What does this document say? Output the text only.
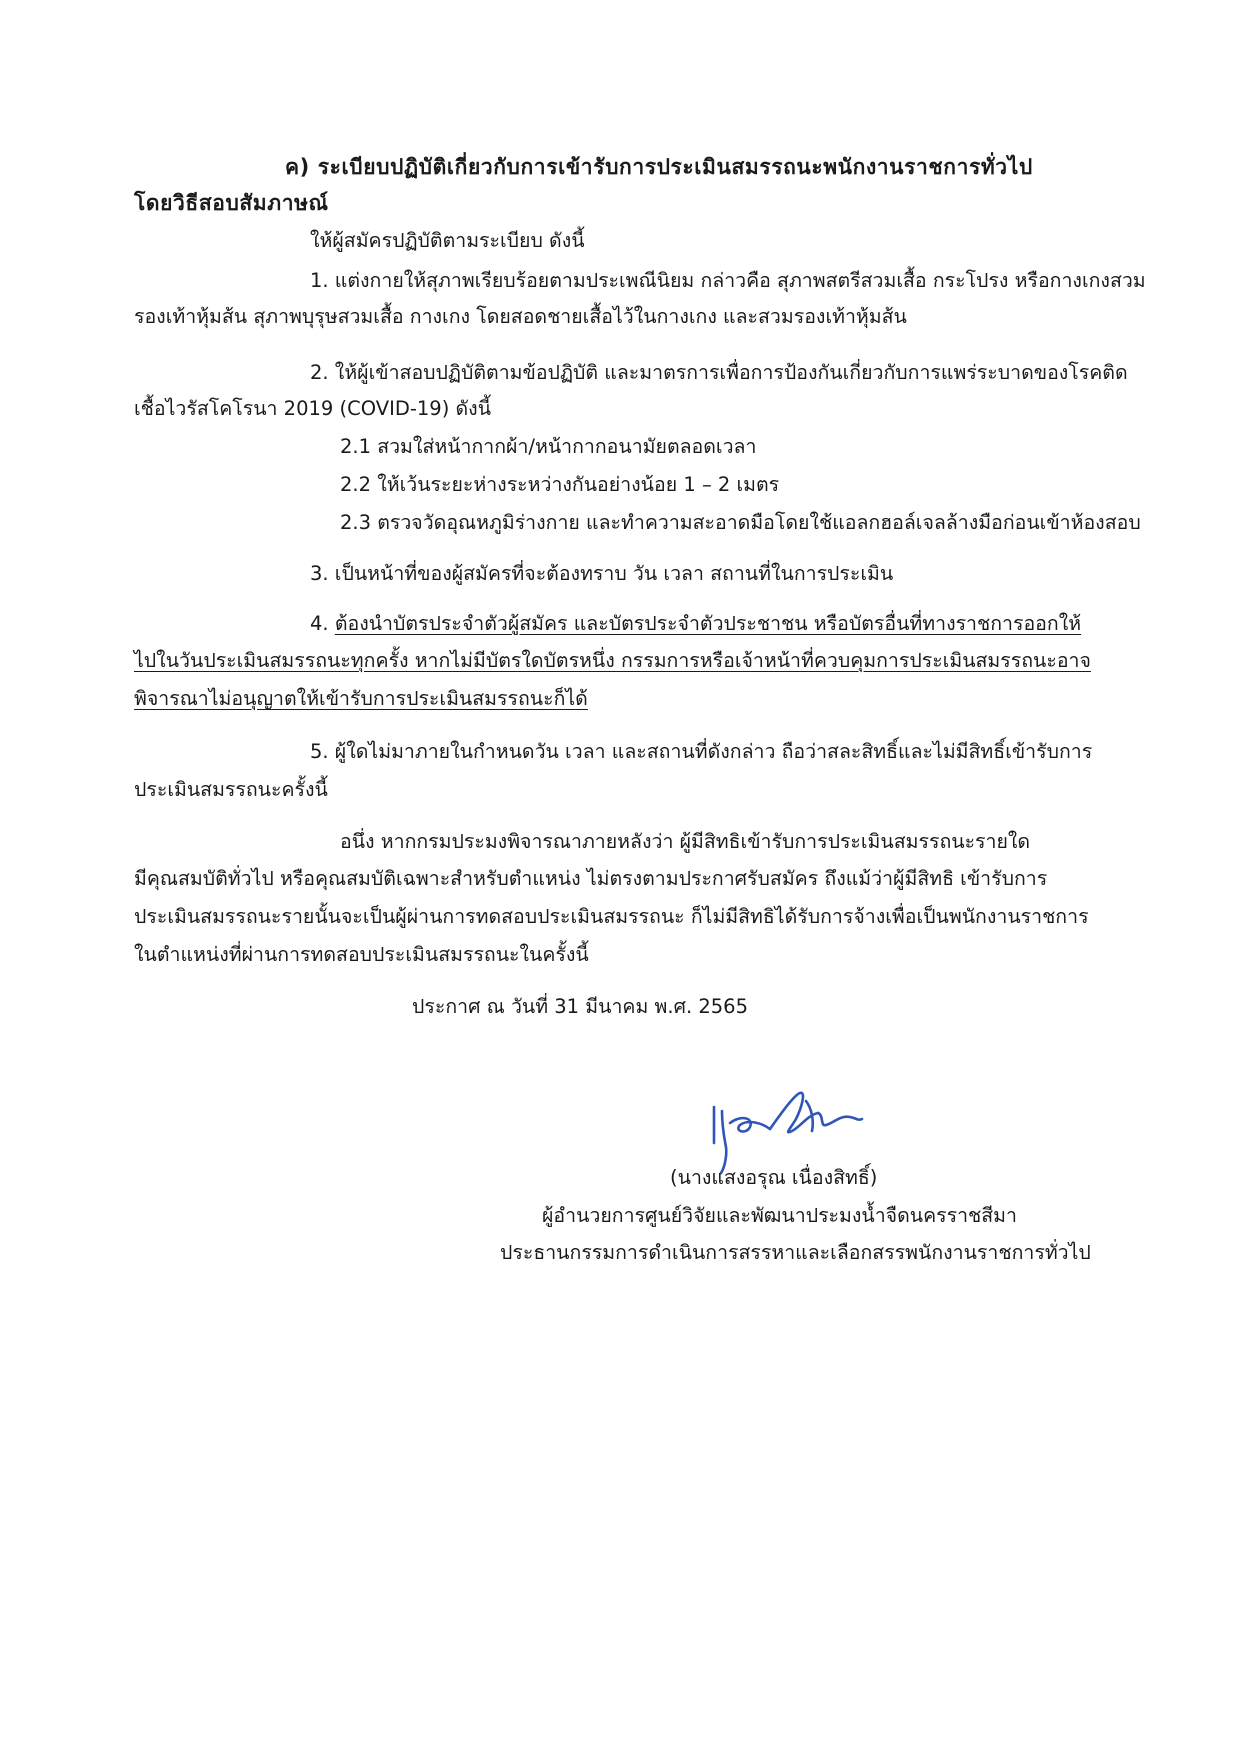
ค) ระเบียบปฏิบัติเกี่ยวกับการเข้ารับการประเมินสมรรถนะพนักงานราชการทั่วไป
โดยวิธีสอบสัมภาษณ์
ให้ผู้สมัครปฏิบัติตามระเบียบ ดังนี้
1. แต่งกายให้สุภาพเรียบร้อยตามประเพณีนิยม กล่าวคือ สุภาพสตรีสวมเสื้อ กระโปรง หรือกางเกงสวม
รองเท้าหุ้มส้น สุภาพบุรุษสวมเสื้อ กางเกง โดยสอดชายเสื้อไว้ในกางเกง และสวมรองเท้าหุ้มส้น
2. ให้ผู้เข้าสอบปฏิบัติตามข้อปฏิบัติ และมาตรการเพื่อการป้องกันเกี่ยวกับการแพร่ระบาดของโรคติด
เชื้อไวรัสโคโรนา 2019 (COVID-19) ดังนี้
2.1 สวมใส่หน้ากากผ้า/หน้ากากอนามัยตลอดเวลา
2.2 ให้เว้นระยะห่างระหว่างกันอย่างน้อย 1 – 2 เมตร
2.3 ตรวจวัดอุณหภูมิร่างกาย และทำความสะอาดมือโดยใช้แอลกฮอล์เจลล้างมือก่อนเข้าห้องสอบ
3. เป็นหน้าที่ของผู้สมัครที่จะต้องทราบ วัน เวลา สถานที่ในการประเมิน
4. ต้องนำบัตรประจำตัวผู้สมัคร และบัตรประจำตัวประชาชน หรือบัตรอื่นที่ทางราชการออกให้
ไปในวันประเมินสมรรถนะทุกครั้ง หากไม่มีบัตรใดบัตรหนึ่ง กรรมการหรือเจ้าหน้าที่ควบคุมการประเมินสมรรถนะอาจ
พิจารณาไม่อนุญาตให้เข้ารับการประเมินสมรรถนะก็ได้
5. ผู้ใดไม่มาภายในกำหนดวัน เวลา และสถานที่ดังกล่าว ถือว่าสละสิทธิ์และไม่มีสิทธิ์เข้ารับการ
ประเมินสมรรถนะครั้งนี้
อนึ่ง หากกรมประมงพิจารณาภายหลังว่า ผู้มีสิทธิเข้ารับการประเมินสมรรถนะรายใด
มีคุณสมบัติทั่วไป หรือคุณสมบัติเฉพาะสำหรับตำแหน่ง ไม่ตรงตามประกาศรับสมัคร ถึงแม้ว่าผู้มีสิทธิ เข้ารับการ
ประเมินสมรรถนะรายนั้นจะเป็นผู้ผ่านการทดสอบประเมินสมรรถนะ ก็ไม่มีสิทธิได้รับการจ้างเพื่อเป็นพนักงานราชการ
ในตำแหน่งที่ผ่านการทดสอบประเมินสมรรถนะในครั้งนี้
ประกาศ ณ วันที่ 31 มีนาคม พ.ศ. 2565
(นางแสงอรุณ เนื่องสิทธิ์)
ผู้อำนวยการศูนย์วิจัยและพัฒนาประมงน้ำจืดนครราชสีมา
ประธานกรรมการดำเนินการสรรหาและเลือกสรรพนักงานราชการทั่วไป
